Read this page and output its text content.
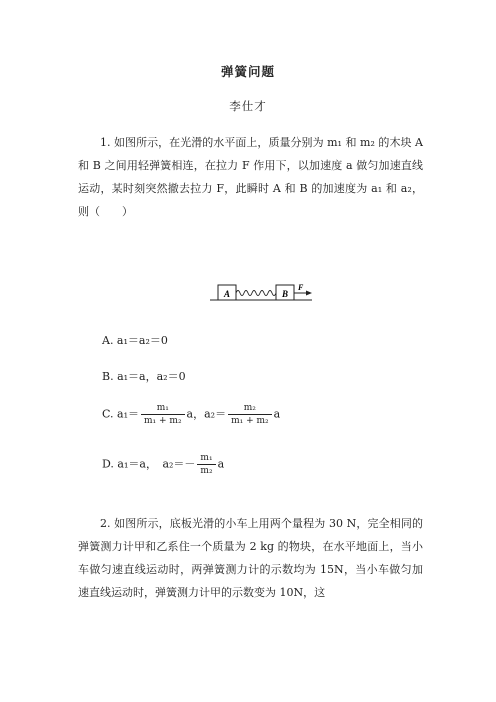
弹簧问题
李仕才
1. 如图所示，在光滑的水平面上，质量分别为 m₁ 和 m₂ 的木块 A 和 B 之间用轻弹簧相连，在拉力 F 作用下，以加速度 a 做匀加速直线运动，某时刻突然撤去拉力 F，此瞬时 A 和 B 的加速度为 a₁ 和 a₂，则（　　）
A	B
F
A. a₁＝a₂＝0
B. a₁＝a，a₂＝0
C. $a_1= \frac{\text{m₁}}{\text{m₁ + m₂}}$ a，$a_2= \frac{\text{m₂}}{\text{m₁ + m₂}}$ a
D. a₁＝a，　$a_2=- \frac{\text{m₁}}{\text{m₂}}$ a
2. 如图所示，底板光滑的小车上用两个量程为 30 N，完全相同的弹簧测力计甲和乙系住一个质量为 2 kg 的物块，在水平地面上，当小车做匀速直线运动时，两弹簧测力计的示数均为 15N，当小车做匀加速直线运动时，弹簧测力计甲的示数变为 10N，这
